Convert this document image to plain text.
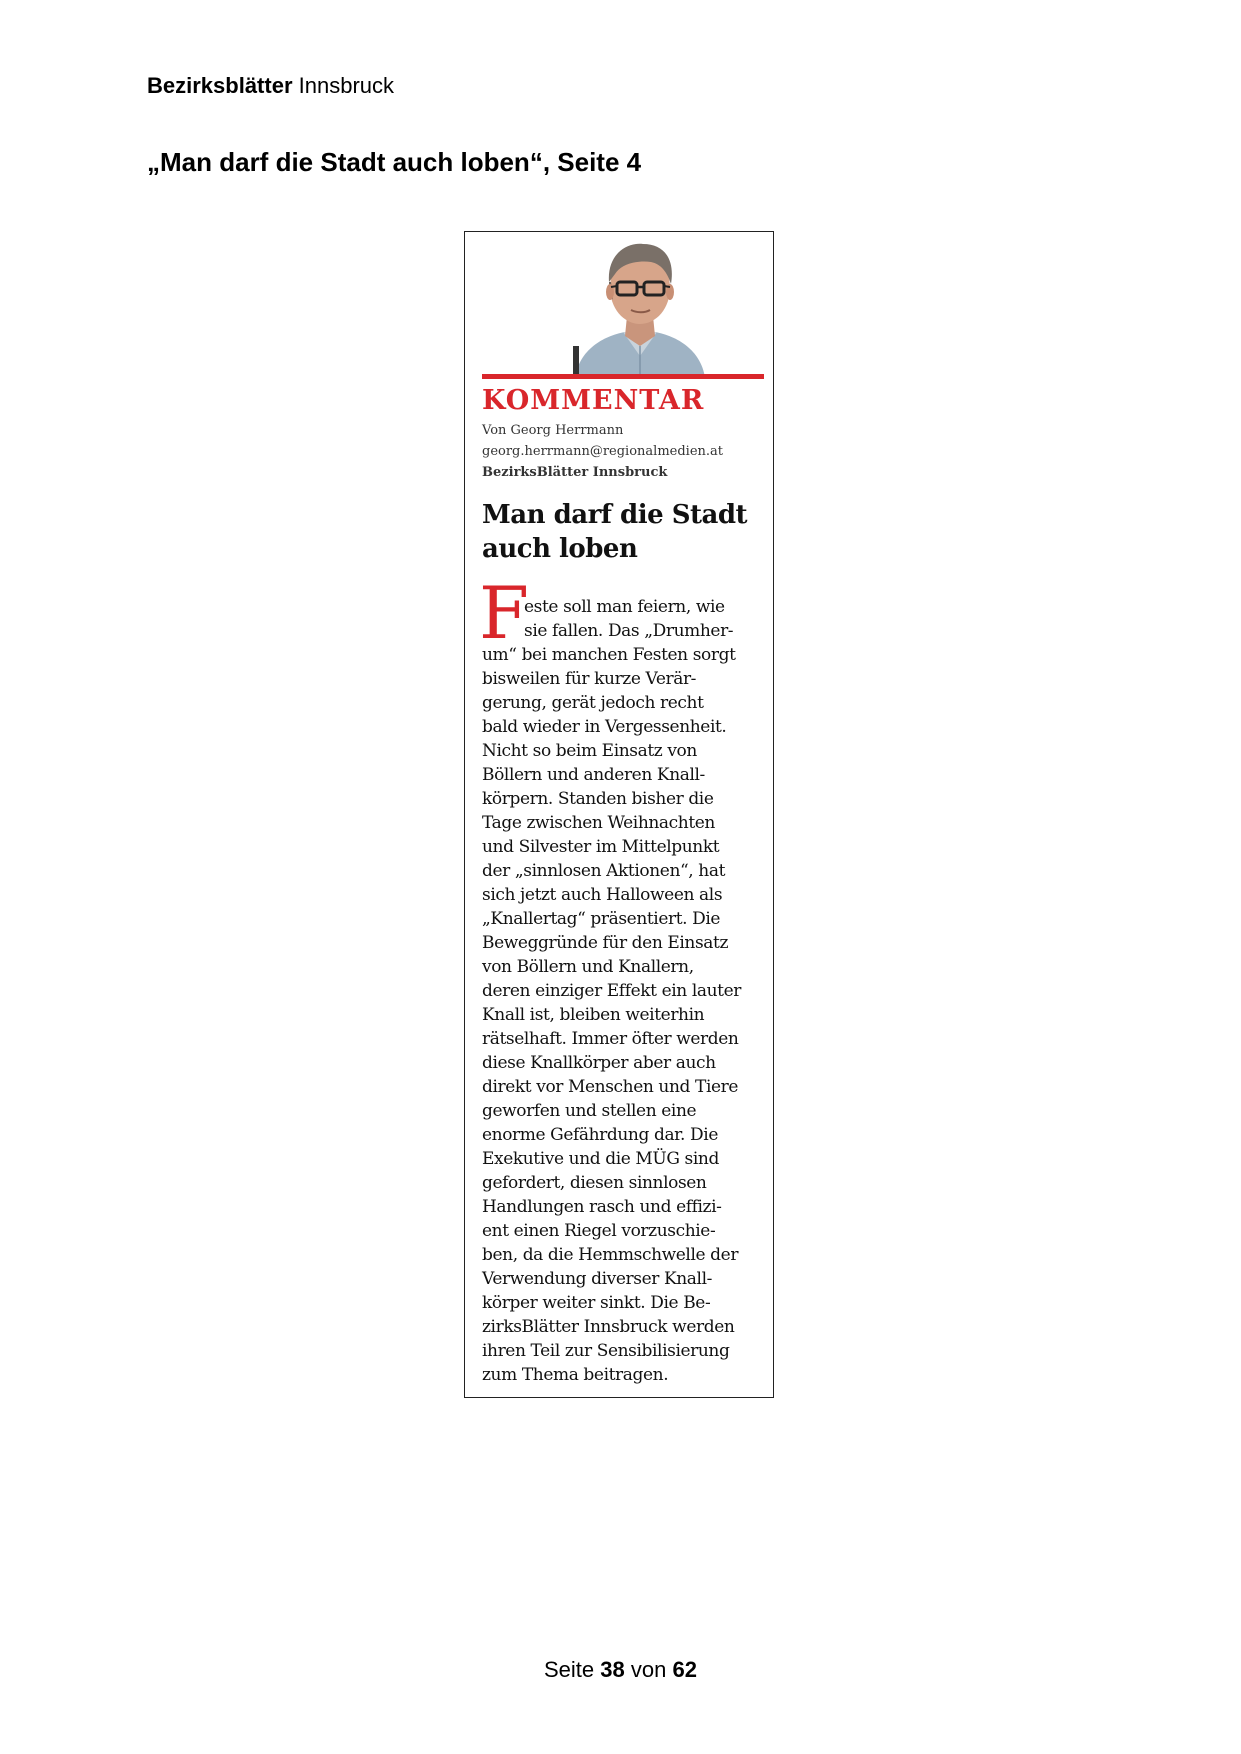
Bezirksblätter Innsbruck
„Man darf die Stadt auch loben“, Seite 4
KOMMENTAR
Von Georg Herrmann
georg.herrmann@regionalmedien.at
BezirksBlätter Innsbruck
Man darf die Stadt
auch loben
F
este soll man feiern, wie
sie fallen. Das „Drumher-
um“ bei manchen Festen sorgt
bisweilen für kurze Verär-
gerung, gerät jedoch recht
bald wieder in Vergessenheit.
Nicht so beim Einsatz von
Böllern und anderen Knall-
körpern. Standen bisher die
Tage zwischen Weihnachten
und Silvester im Mittelpunkt
der „sinnlosen Aktionen“, hat
sich jetzt auch Halloween als
„Knallertag“ präsentiert. Die
Beweggründe für den Einsatz
von Böllern und Knallern,
deren einziger Effekt ein lauter
Knall ist, bleiben weiterhin
rätselhaft. Immer öfter werden
diese Knallkörper aber auch
direkt vor Menschen und Tiere
geworfen und stellen eine
enorme Gefährdung dar. Die
Exekutive und die MÜG sind
gefordert, diesen sinnlosen
Handlungen rasch und effizi-
ent einen Riegel vorzuschie-
ben, da die Hemmschwelle der
Verwendung diverser Knall-
körper weiter sinkt. Die Be-
zirksBlätter Innsbruck werden
ihren Teil zur Sensibilisierung
zum Thema beitragen.
Seite 38 von 62
